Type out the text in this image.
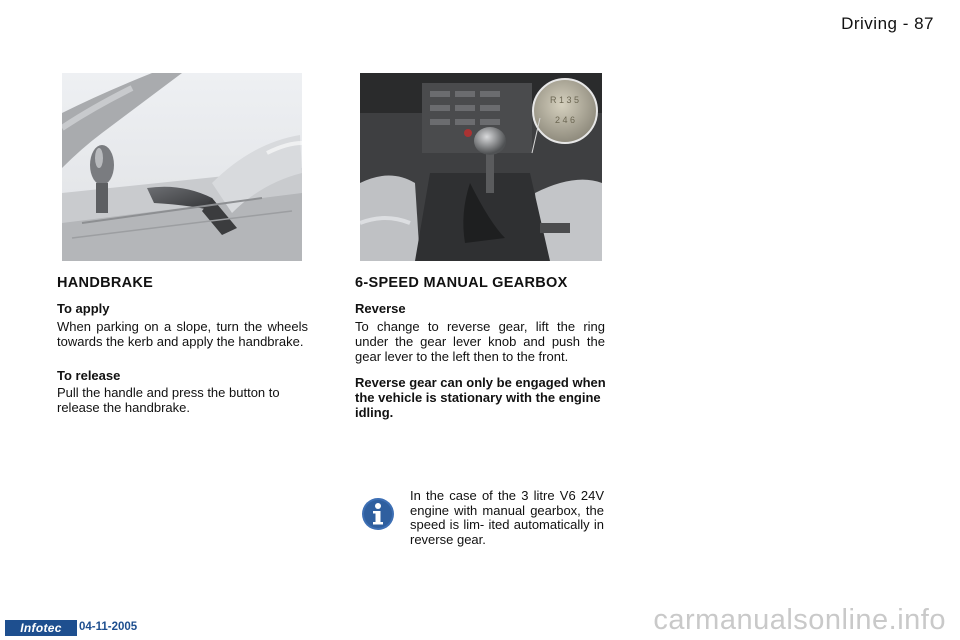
Driving - 87
R 1 3 5
2 4 6
HANDBRAKE
To apply
When parking on a slope, turn the wheels towards the kerb and apply the handbrake.
To release
Pull the handle and press the button to release the handbrake.
6-SPEED MANUAL GEARBOX
Reverse
To change to reverse gear, lift the ring under the gear lever knob and push the gear lever to the left then to the front.
Reverse gear can only be engaged when the vehicle is stationary with the engine idling.
In the case of the 3 litre V6 24V engine with manual gearbox, the speed is lim- ited automatically in reverse gear.
Infotec	04-11-2005	carmanualsonline.info
